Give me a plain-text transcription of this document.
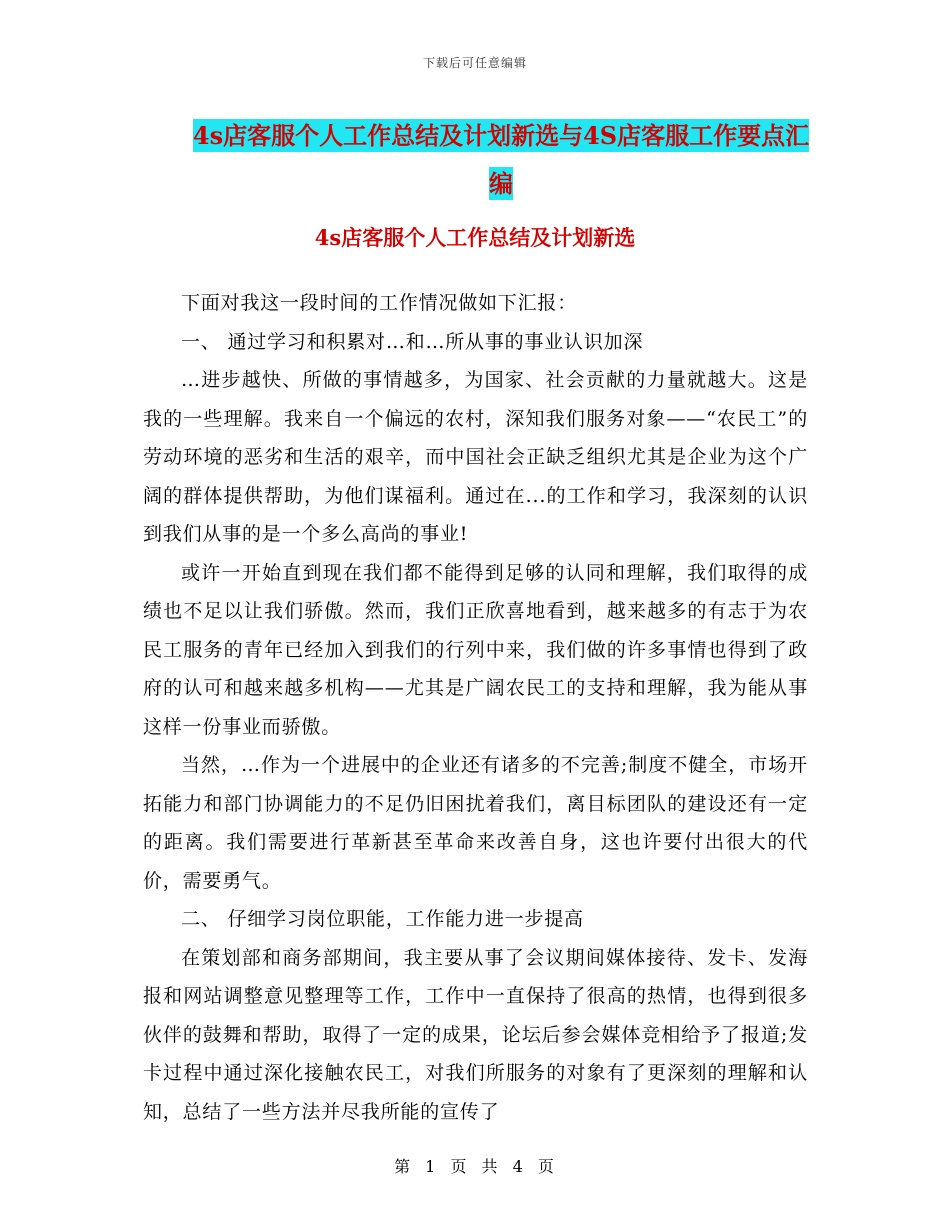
下载后可任意编辑
4s店客服个人工作总结及计划新选与4S店客服工作要点汇编
4s店客服个人工作总结及计划新选

下面对我这一段时间的工作情况做如下汇报：

一、 通过学习和积累对…和…所从事的事业认识加深

…进步越快、所做的事情越多，为国家、社会贡献的力量就越大。这是我的一些理解。我来自一个偏远的农村，深知我们服务对象——“农民工”的劳动环境的恶劣和生活的艰辛，而中国社会正缺乏组织尤其是企业为这个广阔的群体提供帮助，为他们谋福利。通过在...的工作和学习，我深刻的认识到我们从事的是一个多么高尚的事业!

或许一开始直到现在我们都不能得到足够的认同和理解，我们取得的成绩也不足以让我们骄傲。然而，我们正欣喜地看到，越来越多的有志于为农民工服务的青年已经加入到我们的行列中来，我们做的许多事情也得到了政府的认可和越来越多机构——尤其是广阔农民工的支持和理解，我为能从事这样一份事业而骄傲。

当然，…作为一个进展中的企业还有诸多的不完善;制度不健全，市场开拓能力和部门协调能力的不足仍旧困扰着我们，离目标团队的建设还有一定的距离。我们需要进行革新甚至革命来改善自身，这也许要付出很大的代价，需要勇气。

二、 仔细学习岗位职能，工作能力进一步提高

在策划部和商务部期间，我主要从事了会议期间媒体接待、发卡、发海报和网站调整意见整理等工作，工作中一直保持了很高的热情，也得到很多伙伴的鼓舞和帮助，取得了一定的成果，论坛后参会媒体竞相给予了报道;发卡过程中通过深化接触农民工，对我们所服务的对象有了更深刻的理解和认知，总结了一些方法并尽我所能的宣传了

第 1 页 共 4 页
